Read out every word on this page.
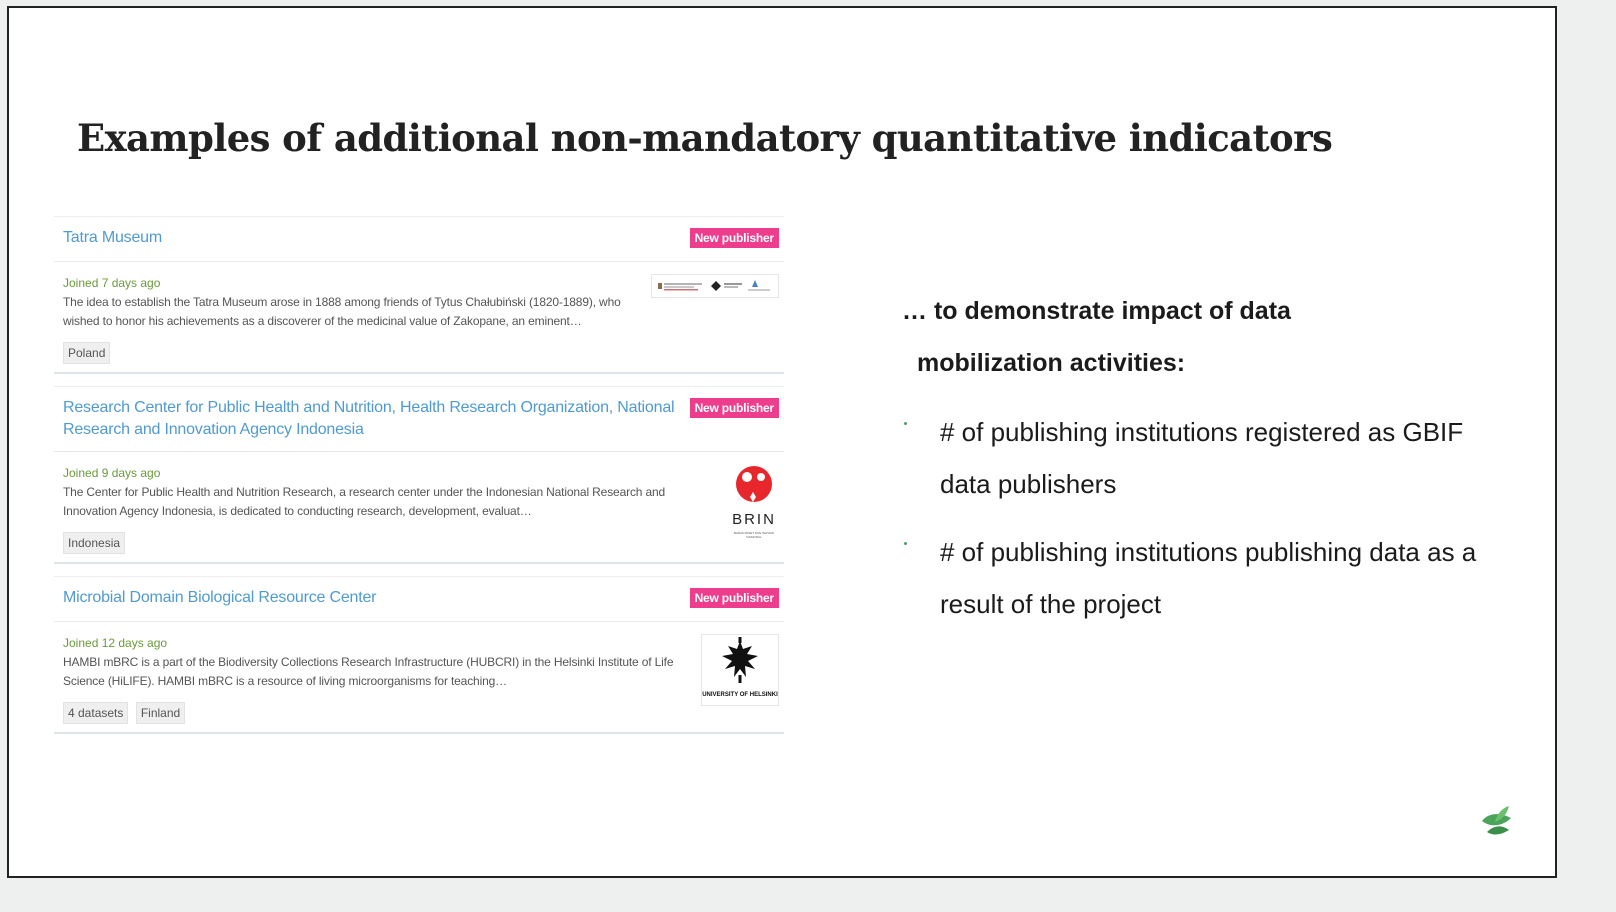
Examples of additional non-mandatory quantitative indicators
Tatra Museum	New publisher
Joined 7 days ago
The idea to establish the Tatra Museum arose in 1888 among friends of Tytus Chałubiński (1820-1889), who wished to honor his achievements as a discoverer of the medicinal value of Zakopane, an eminent…
Poland
Research Center for Public Health and Nutrition, Health Research Organization, National Research and Innovation Agency Indonesia
New publisher
Joined 9 days ago
The Center for Public Health and Nutrition Research, a research center under the Indonesian National Research and Innovation Agency Indonesia, is dedicated to conducting research, development, evaluat…
Indonesia
BRIN
BADAN RISET DAN INOVASI NASIONAL
Microbial Domain Biological Resource Center	New publisher
Joined 12 days ago
HAMBI mBRC is a part of the Biodiversity Collections Research Infrastructure (HUBCRI) in the Helsinki Institute of Life Science (HiLIFE). HAMBI mBRC is a resource of living microorganisms for teaching…
4 datasets Finland
UNIVERSITY OF HELSINKI

… to demonstrate impact of data
mobilization activities:

# of publishing institutions registered as GBIF data publishers
# of publishing institutions publishing data as a result of the project
